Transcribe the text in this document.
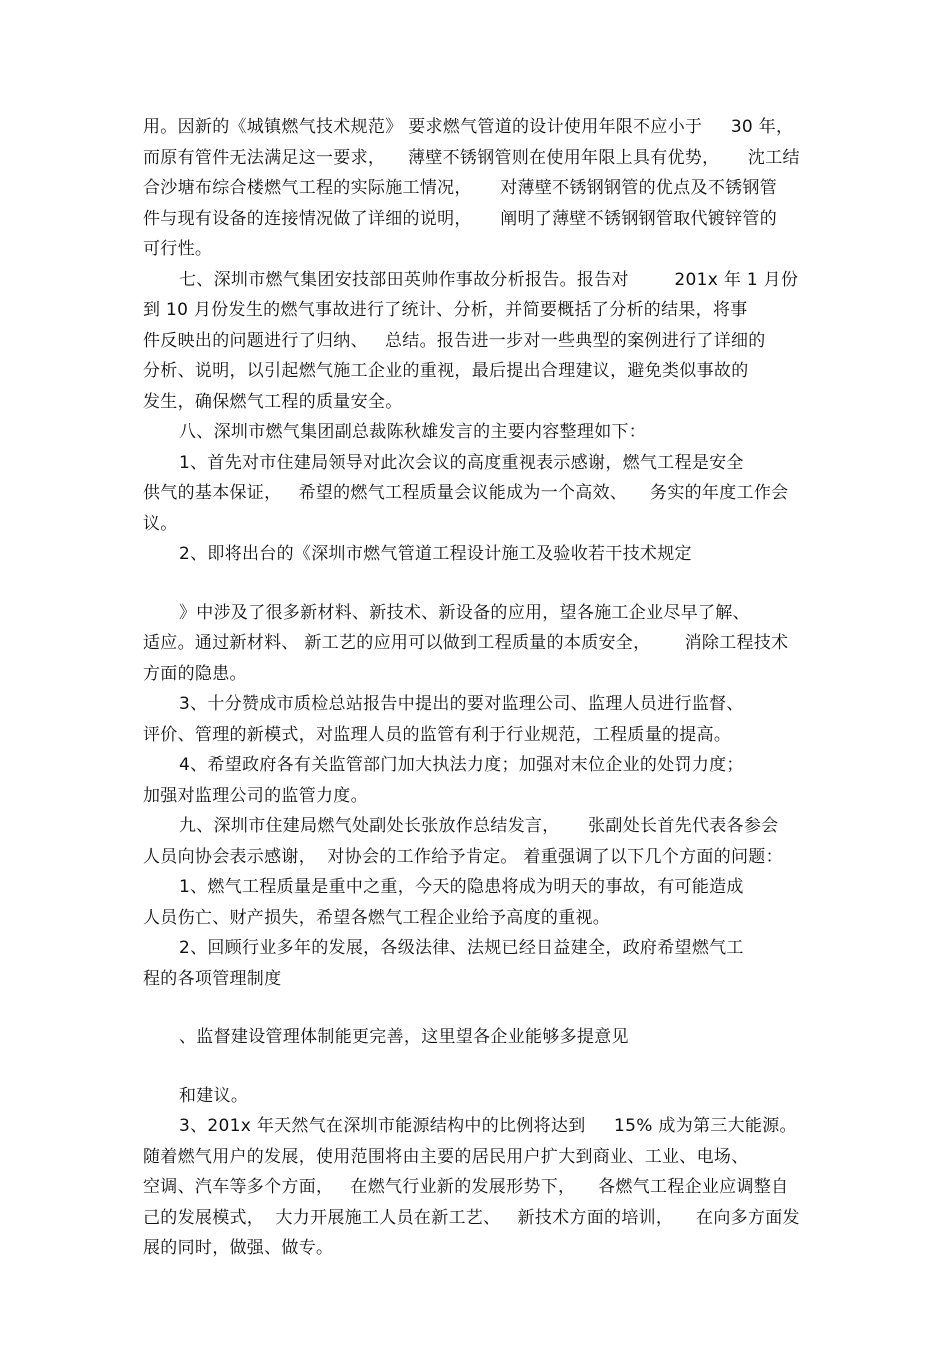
用。因新的《城镇燃气技术规范》 要求燃气管道的设计使用年限不应小于     30 年，
而原有管件无法满足这一要求，    薄壁不锈钢管则在使用年限上具有优势，     沈工结
合沙塘布综合楼燃气工程的实际施工情况，     对薄壁不锈钢钢管的优点及不锈钢管
件与现有设备的连接情况做了详细的说明，     阐明了薄壁不锈钢钢管取代镀锌管的
可行性。
七、深圳市燃气集团安技部田英帅作事故分析报告。报告对        201x 年 1 月份
到 10 月份发生的燃气事故进行了统计、分析，并简要概括了分析的结果，将事
件反映出的问题进行了归纳、   总结。报告进一步对一些典型的案例进行了详细的
分析、说明，以引起燃气施工企业的重视，最后提出合理建议，避免类似事故的
发生，确保燃气工程的质量安全。
八、深圳市燃气集团副总裁陈秋雄发言的主要内容整理如下：
1、首先对市住建局领导对此次会议的高度重视表示感谢，燃气工程是安全
供气的基本保证，   希望的燃气工程质量会议能成为一个高效、    务实的年度工作会
议。
2、即将出台的《深圳市燃气管道工程设计施工及验收若干技术规定
》中涉及了很多新材料、新技术、新设备的应用，望各施工企业尽早了解、
适应。通过新材料、 新工艺的应用可以做到工程质量的本质安全，      消除工程技术
方面的隐患。
3、十分赞成市质检总站报告中提出的要对监理公司、监理人员进行监督、
评价、管理的新模式，对监理人员的监管有利于行业规范，工程质量的提高。
4、希望政府各有关监管部门加大执法力度；加强对末位企业的处罚力度；
加强对监理公司的监管力度。
九、深圳市住建局燃气处副处长张放作总结发言，     张副处长首先代表各参会
人员向协会表示感谢，  对协会的工作给予肯定。 着重强调了以下几个方面的问题：
1、燃气工程质量是重中之重，今天的隐患将成为明天的事故，有可能造成
人员伤亡、财产损失，希望各燃气工程企业给予高度的重视。
2、回顾行业多年的发展，各级法律、法规已经日益建全，政府希望燃气工
程的各项管理制度
、监督建设管理体制能更完善，这里望各企业能够多提意见
和建议。
3、201x 年天然气在深圳市能源结构中的比例将达到     15% 成为第三大能源。
随着燃气用户的发展，使用范围将由主要的居民用户扩大到商业、工业、电场、
空调、汽车等多个方面，   在燃气行业新的发展形势下，    各燃气工程企业应调整自
己的发展模式，  大力开展施工人员在新工艺、   新技术方面的培训，    在向多方面发
展的同时，做强、做专。
